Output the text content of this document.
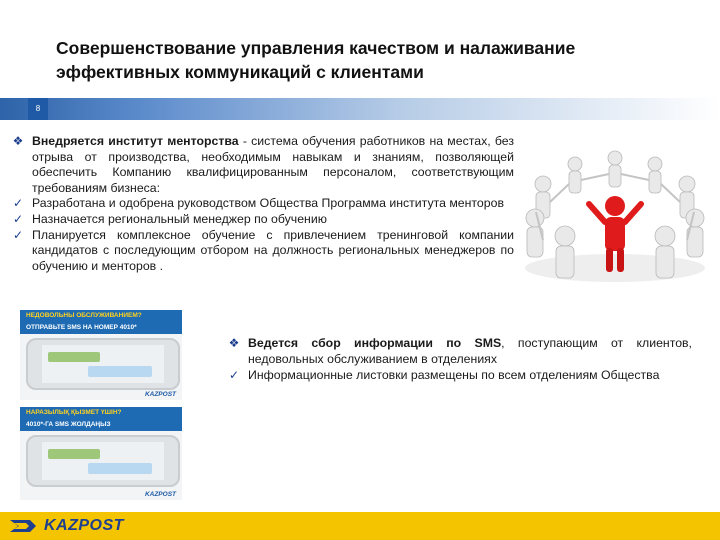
Совершенствование управления качеством и налаживание
эффективных коммуникаций с клиентами
8
❖ Внедряется институт менторства - система обучения работников на местах, без отрыва от производства, необходимым навыкам и знаниям, позволяющей обеспечить Компанию квалифицированным персоналом, соответствующим требованиям бизнеса:
✓ Разработана и одобрена руководством Общества Программа института менторов
✓ Назначается региональный менеджер по обучению
✓ Планируется комплексное обучение с привлечением тренинговой компании кандидатов с последующим отбором на должность региональных менеджеров по обучению и менторов .
НЕДОВОЛЬНЫ ОБСЛУЖИВАНИЕМ?
ОТПРАВЬТЕ SMS НА НОМЕР 4010*
KAZPOST
НАРАЗЫЛЫҚ ҚЫЗМЕТ ҮШІН?
4010*-ГА SMS ЖОЛДАҢЫЗ
KAZPOST
❖ Ведется сбор информации по SMS, поступающим от клиентов, недовольных обслуживанием в отделениях
✓ Информационные листовки размещены по всем отделениям Общества
KAZPOST
